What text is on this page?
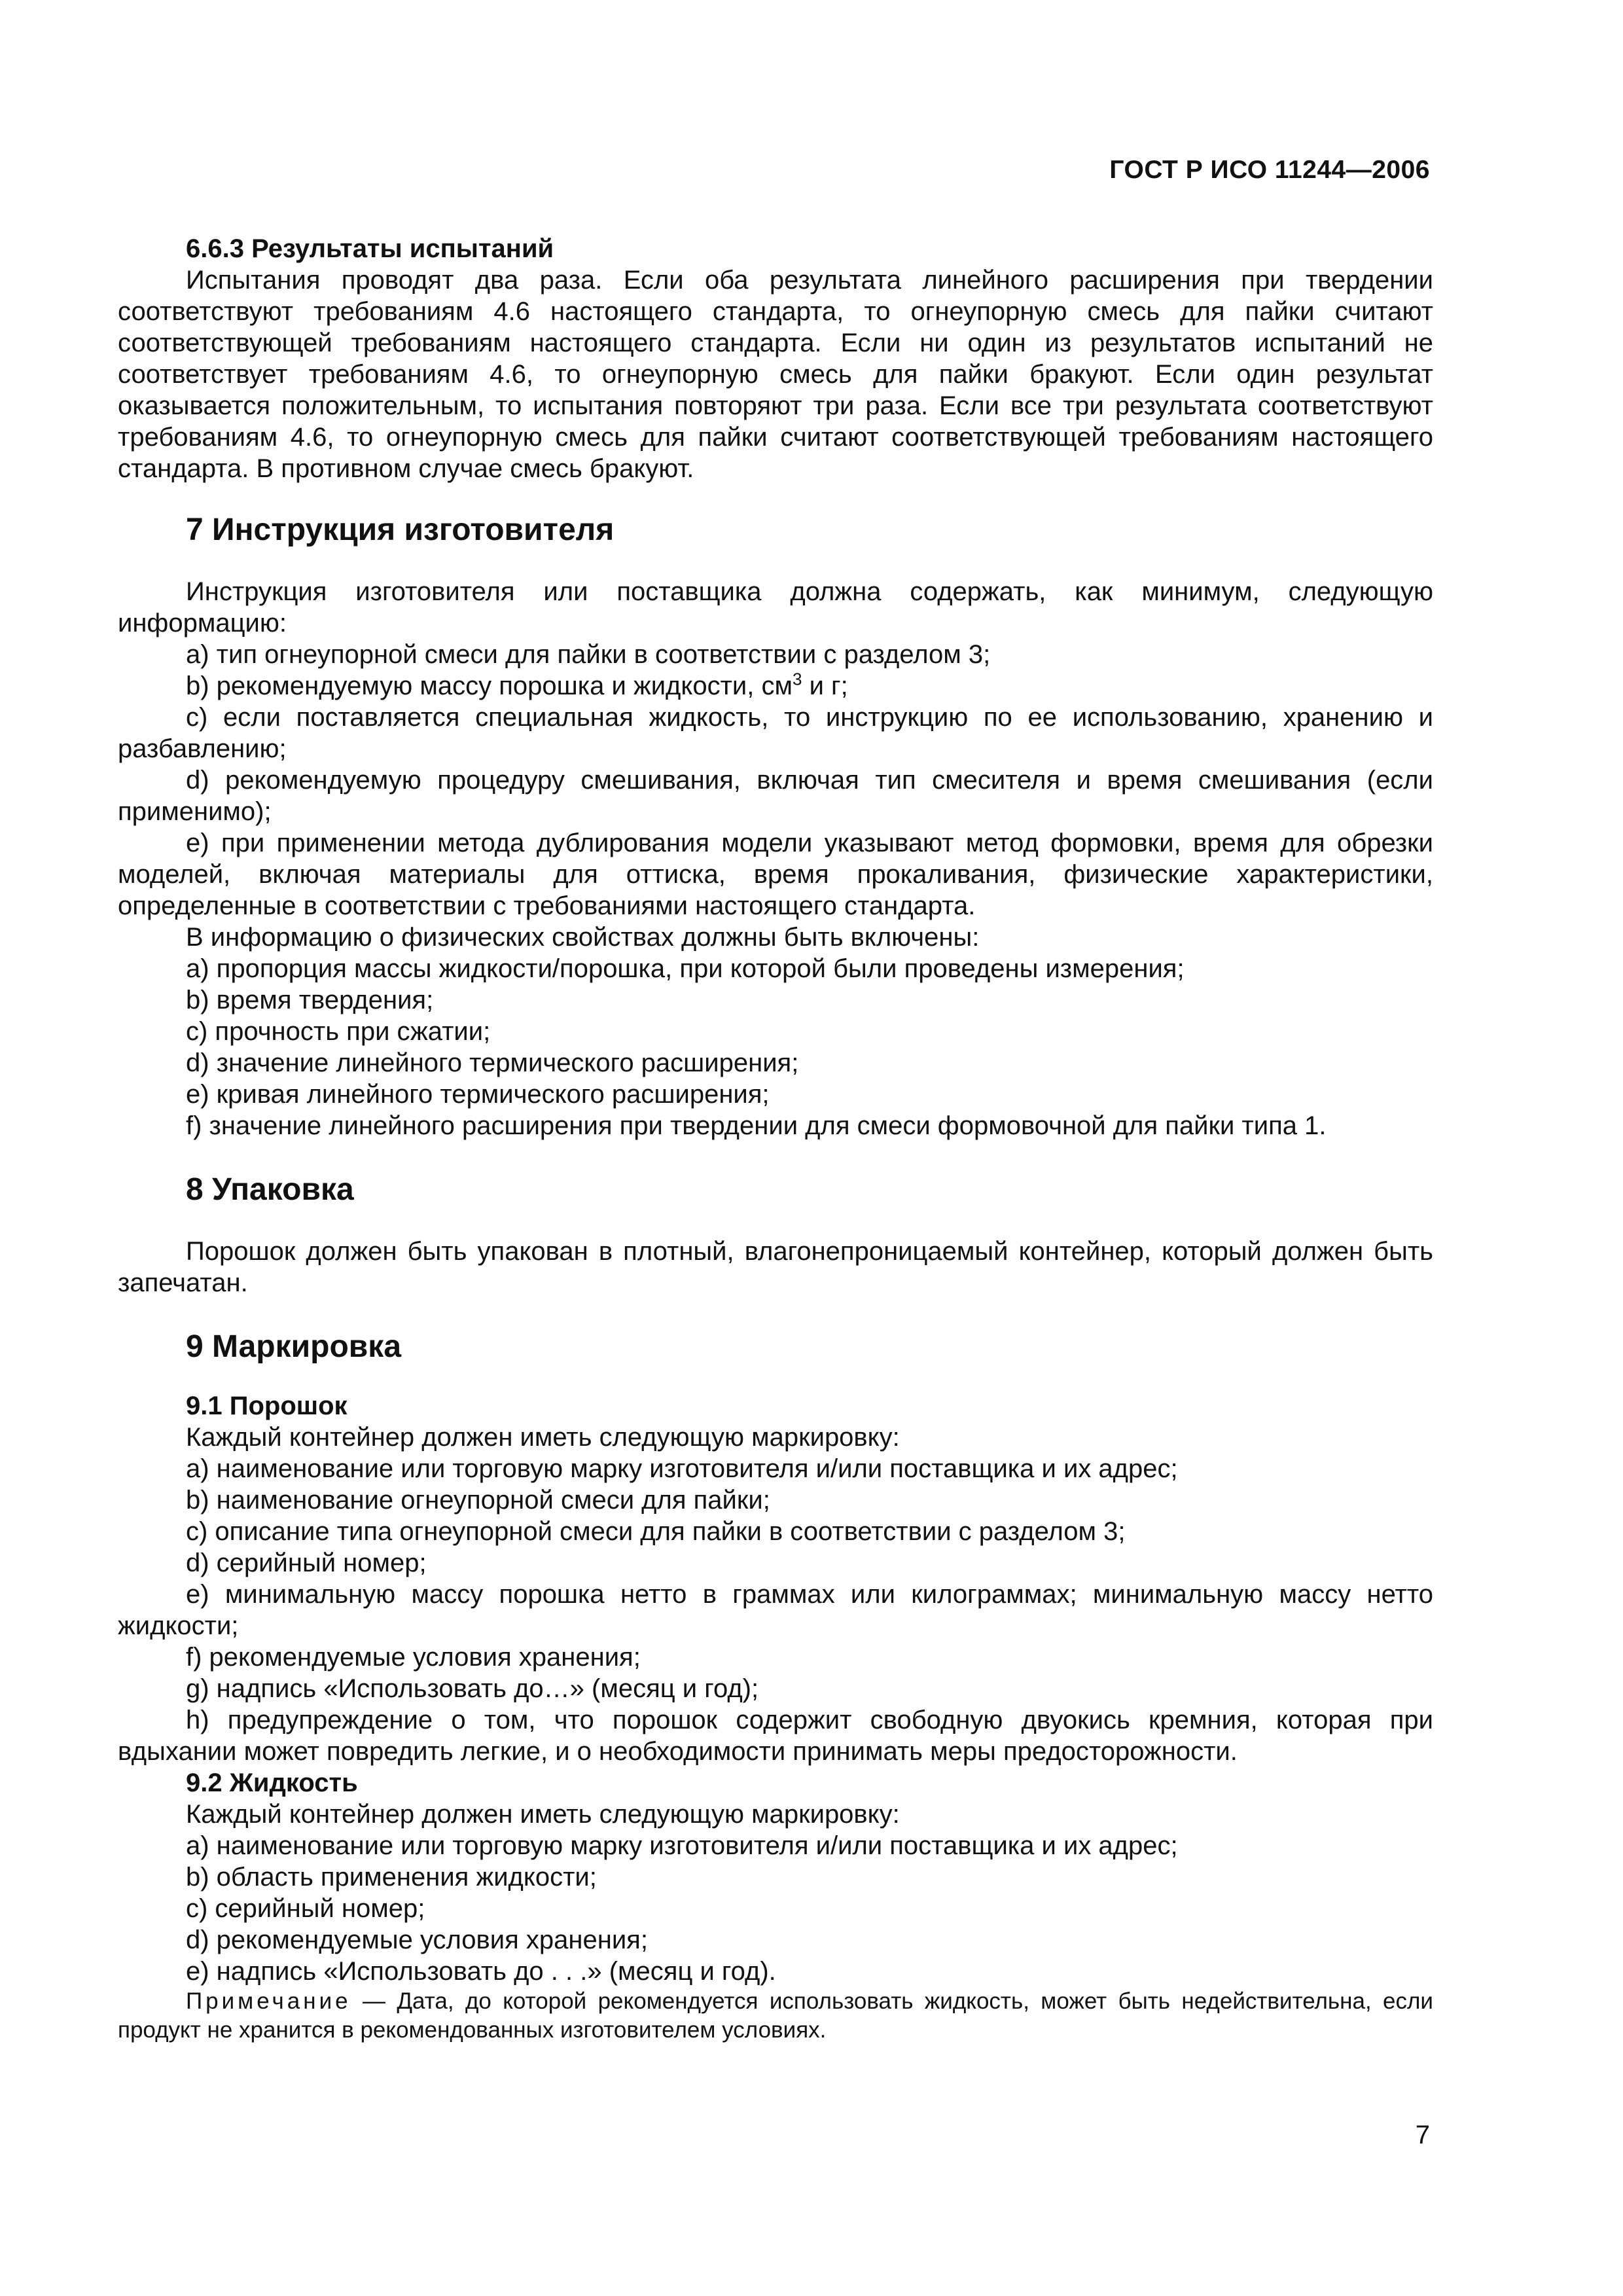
ГОСТ Р ИСО 11244—2006

6.6.3 Результаты испытаний

Испытания проводят два раза. Если оба результата линейного расширения при твердении соответствуют требованиям 4.6 настоящего стандарта, то огнеупорную смесь для пайки считают соответствующей требованиям настоящего стандарта. Если ни один из результатов испытаний не соответствует требованиям 4.6, то огнеупорную смесь для пайки бракуют. Если один результат оказывается положительным, то испытания повторяют три раза. Если все три результата соответствуют требованиям 4.6, то огнеупорную смесь для пайки считают соответствующей требованиям настоящего стандарта. В противном случае смесь бракуют.

7 Инструкция изготовителя

Инструкция изготовителя или поставщика должна содержать, как минимум, следующую информацию:

а) тип огнеупорной смеси для пайки в соответствии с разделом 3;

b) рекомендуемую массу порошка и жидкости, $см^3$ и г;

с) если поставляется специальная жидкость, то инструкцию по ее использованию, хранению и разбавлению;

d) рекомендуемую процедуру смешивания, включая тип смесителя и время смешивания (если применимо);

е) при применении метода дублирования модели указывают метод формовки, время для обрезки моделей, включая материалы для оттиска, время прокаливания, физические характеристики, определенные в соответствии с требованиями настоящего стандарта.

В информацию о физических свойствах должны быть включены:

а) пропорция массы жидкости/порошка, при которой были проведены измерения;

b) время твердения;

с) прочность при сжатии;

d) значение линейного термического расширения;

е) кривая линейного термического расширения;

f) значение линейного расширения при твердении для смеси формовочной для пайки типа 1.

8 Упаковка

Порошок должен быть упакован в плотный, влагонепроницаемый контейнер, который должен быть запечатан.

9 Маркировка

9.1 Порошок

Каждый контейнер должен иметь следующую маркировку:

а) наименование или торговую марку изготовителя и/или поставщика и их адрес;

b) наименование огнеупорной смеси для пайки;

с) описание типа огнеупорной смеси для пайки в соответствии с разделом 3;

d) серийный номер;

е) минимальную массу порошка нетто в граммах или килограммах; минимальную массу нетто жидкости;

f) рекомендуемые условия хранения;

g) надпись «Использовать до…» (месяц и год);

h) предупреждение о том, что порошок содержит свободную двуокись кремния, которая при вдыхании может повредить легкие, и о необходимости принимать меры предосторожности.

9.2 Жидкость

Каждый контейнер должен иметь следующую маркировку:

а) наименование или торговую марку изготовителя и/или поставщика и их адрес;

b) область применения жидкости;

с) серийный номер;

d) рекомендуемые условия хранения;

е) надпись «Использовать до . . .» (месяц и год).

Примечание — Дата, до которой рекомендуется использовать жидкость, может быть недействительна, если продукт не хранится в рекомендованных изготовителем условиях.

7
